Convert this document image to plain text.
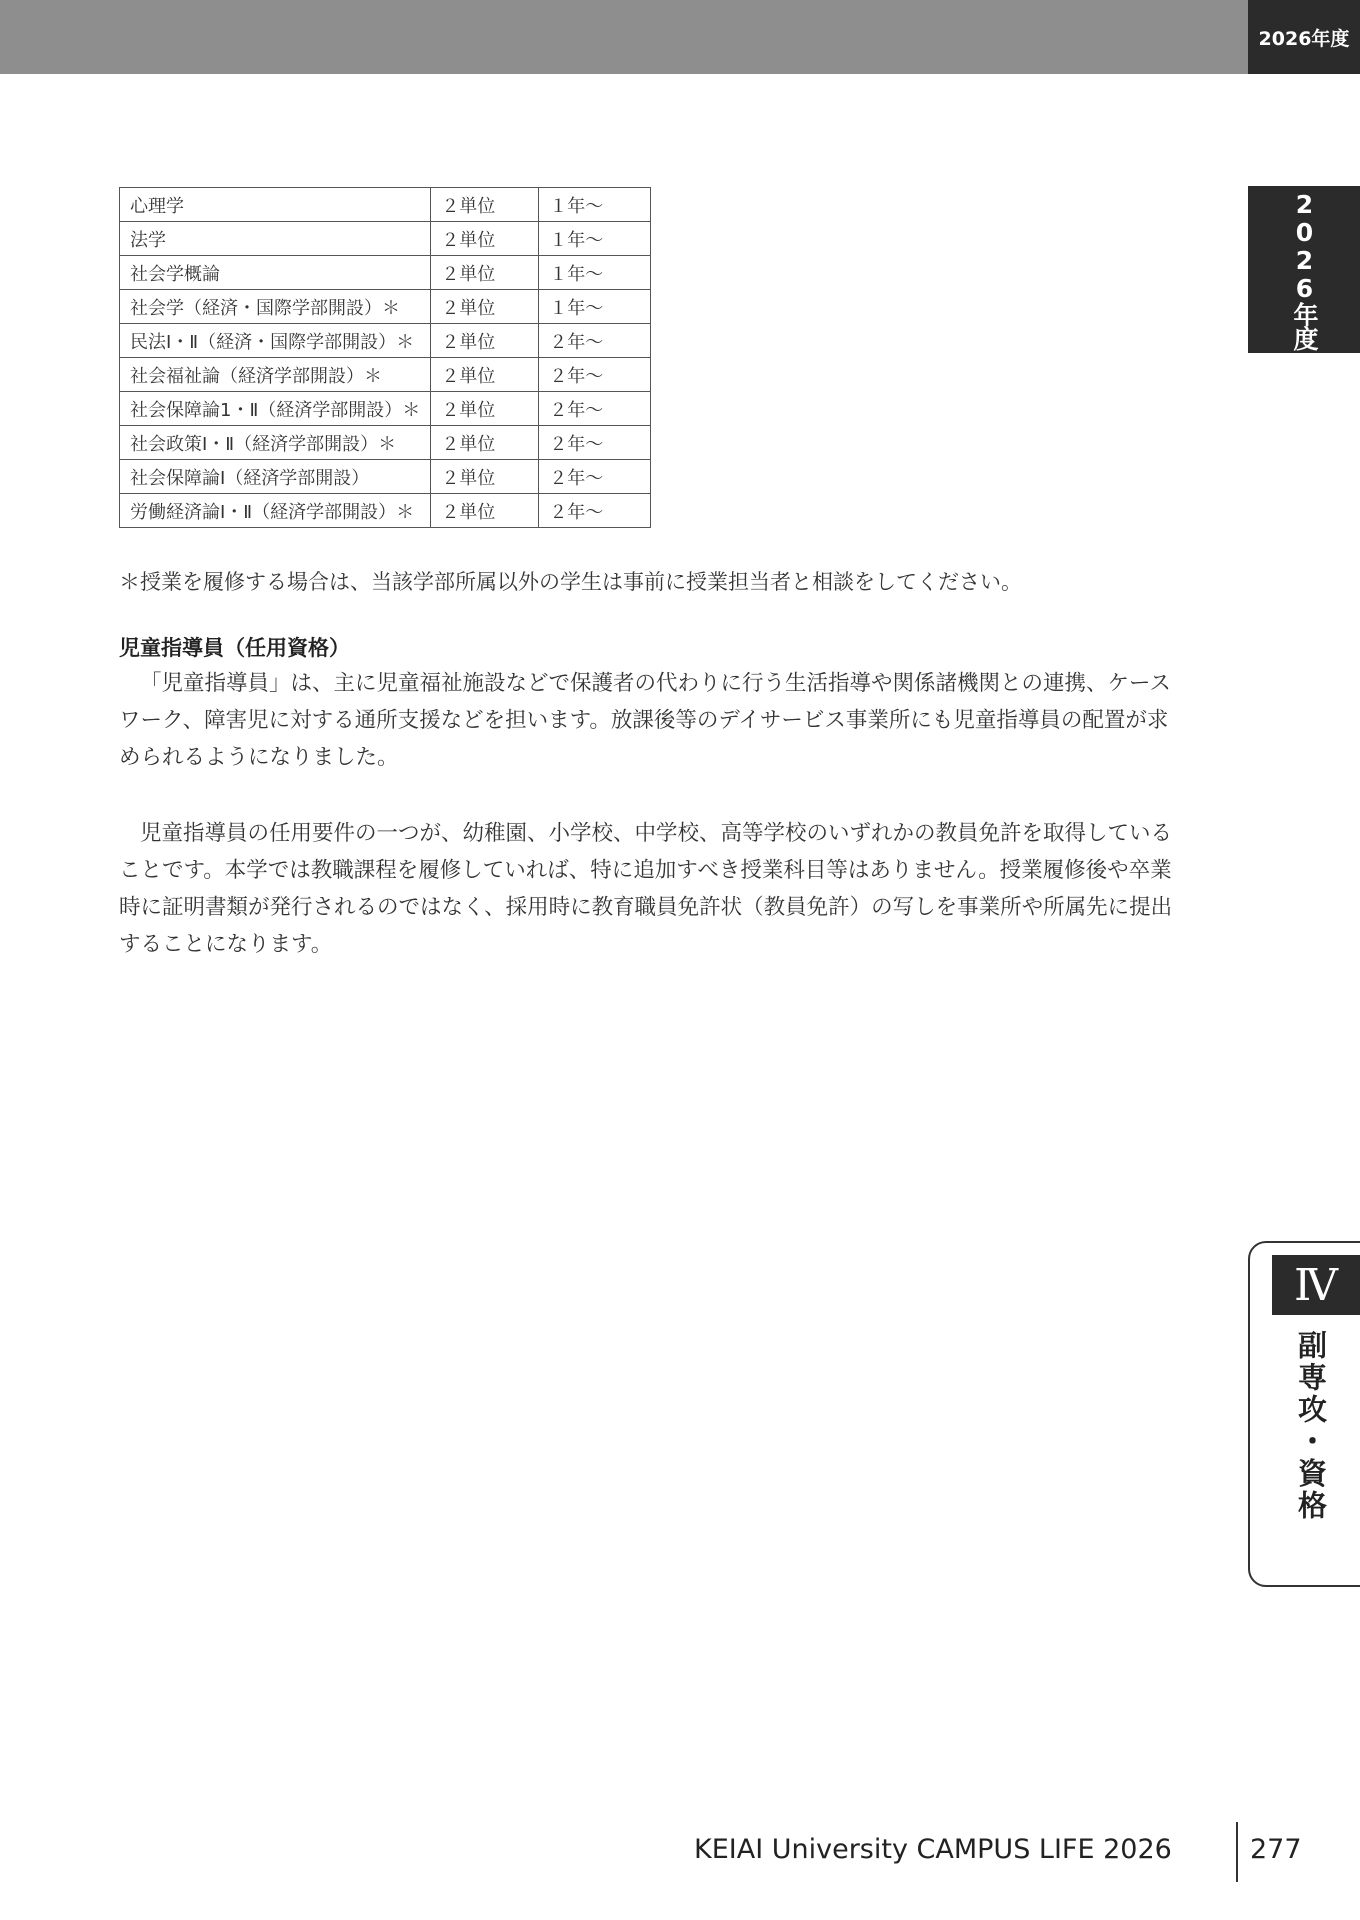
2026年度
2026年度
Ⅳ
副専攻・資格
心理学	２単位	１年〜
法学	２単位	１年〜
社会学概論	２単位	１年〜
社会学（経済・国際学部開設）＊	２単位	１年〜
民法Ⅰ・Ⅱ（経済・国際学部開設）＊	２単位	２年〜
社会福祉論（経済学部開設）＊	２単位	２年〜
社会保障論1・Ⅱ（経済学部開設）＊	２単位	２年〜
社会政策Ⅰ・Ⅱ（経済学部開設）＊	２単位	２年〜
社会保障論Ⅰ（経済学部開設）	２単位	２年〜
労働経済論Ⅰ・Ⅱ（経済学部開設）＊	２単位	２年〜
＊授業を履修する場合は、当該学部所属以外の学生は事前に授業担当者と相談をしてください。
児童指導員（任用資格）

「児童指導員」は、主に児童福祉施設などで保護者の代わりに行う生活指導や関係諸機関との連携、ケースワーク、障害児に対する通所支援などを担います。放課後等のデイサービス事業所にも児童指導員の配置が求められるようになりました。

児童指導員の任用要件の一つが、幼稚園、小学校、中学校、高等学校のいずれかの教員免許を取得していることです。本学では教職課程を履修していれば、特に追加すべき授業科目等はありません。授業履修後や卒業時に証明書類が発行されるのではなく、採用時に教育職員免許状（教員免許）の写しを事業所や所属先に提出することになります。

KEIAI University CAMPUS LIFE 2026	277
